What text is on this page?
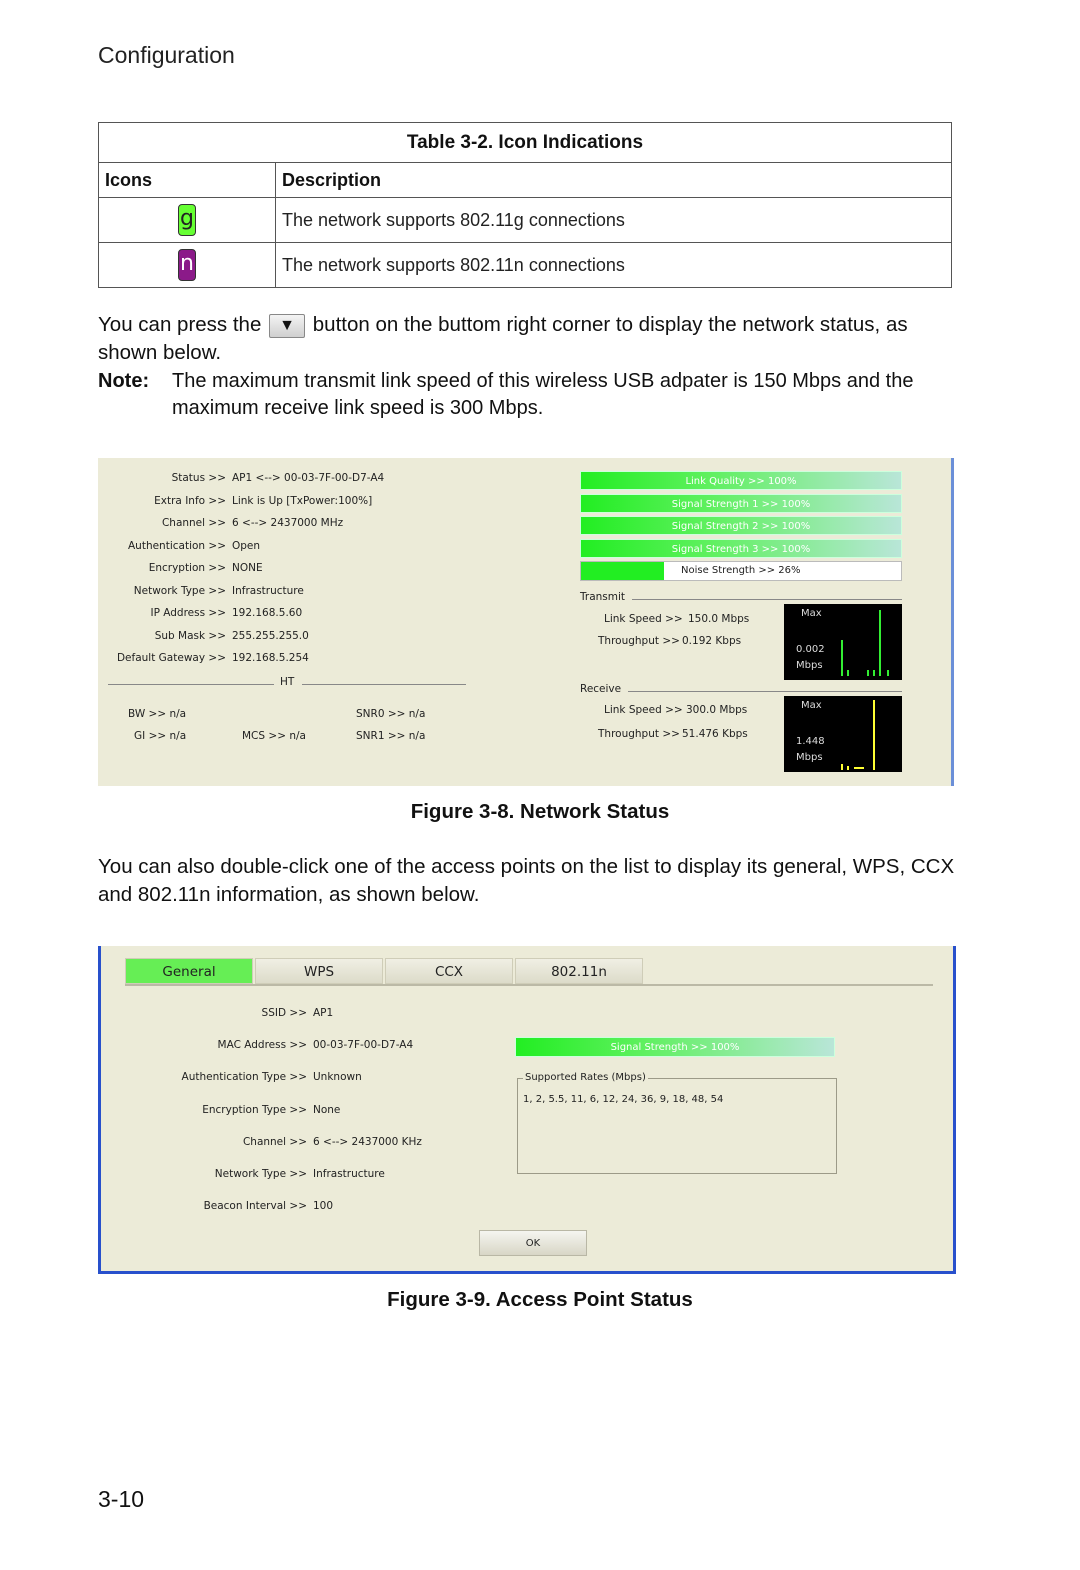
Configuration
Table 3-2. Icon Indications	
Icons	Description
g	The network supports 802.11g connections
n	The network supports 802.11n connections
You can press the ▼ button on the buttom right corner to display the network status, as shown below.
Note: The maximum transmit link speed of this wireless USB adpater is 150 Mbps and the maximum receive link speed is 300 Mbps.
Status >> AP1 <--> 00-03-7F-00-D7-A4
Extra Info >> Link is Up [TxPower:100%]
Channel >> 6 <--> 2437000 MHz
Authentication >> Open
Encryption >> NONE
Network Type >> Infrastructure
IP Address >> 192.168.5.60
Sub Mask >> 255.255.255.0
Default Gateway >> 192.168.5.254
HT
BW >> n/a
GI >> n/a	MCS >> n/a
SNR0 >> n/a
SNR1 >> n/a
Link Quality >> 100%
Signal Strength 1 >> 100%
Signal Strength 2 >> 100%
Signal Strength 3 >> 100%
Noise Strength >> 26%
Transmit
Link Speed >> 150.0 Mbps
Throughput >> 0.192 Kbps
Max
0.002
Mbps
Receive
Link Speed >> 300.0 Mbps
Throughput >> 51.476 Kbps
Max
1.448
Mbps
Figure 3-8. Network Status
You can also double-click one of the access points on the list to display its general, WPS, CCX and 802.11n information, as shown below.
General	WPS	CCX	802.11n
SSID >> AP1
MAC Address >> 00-03-7F-00-D7-A4
Authentication Type >> Unknown
Encryption Type >> None
Channel >> 6 <--> 2437000 KHz
Network Type >> Infrastructure
Beacon Interval >> 100
Signal Strength >> 100%
Supported Rates (Mbps)
1, 2, 5.5, 11, 6, 12, 24, 36, 9, 18, 48, 54
OK
Figure 3-9. Access Point Status
3-10
